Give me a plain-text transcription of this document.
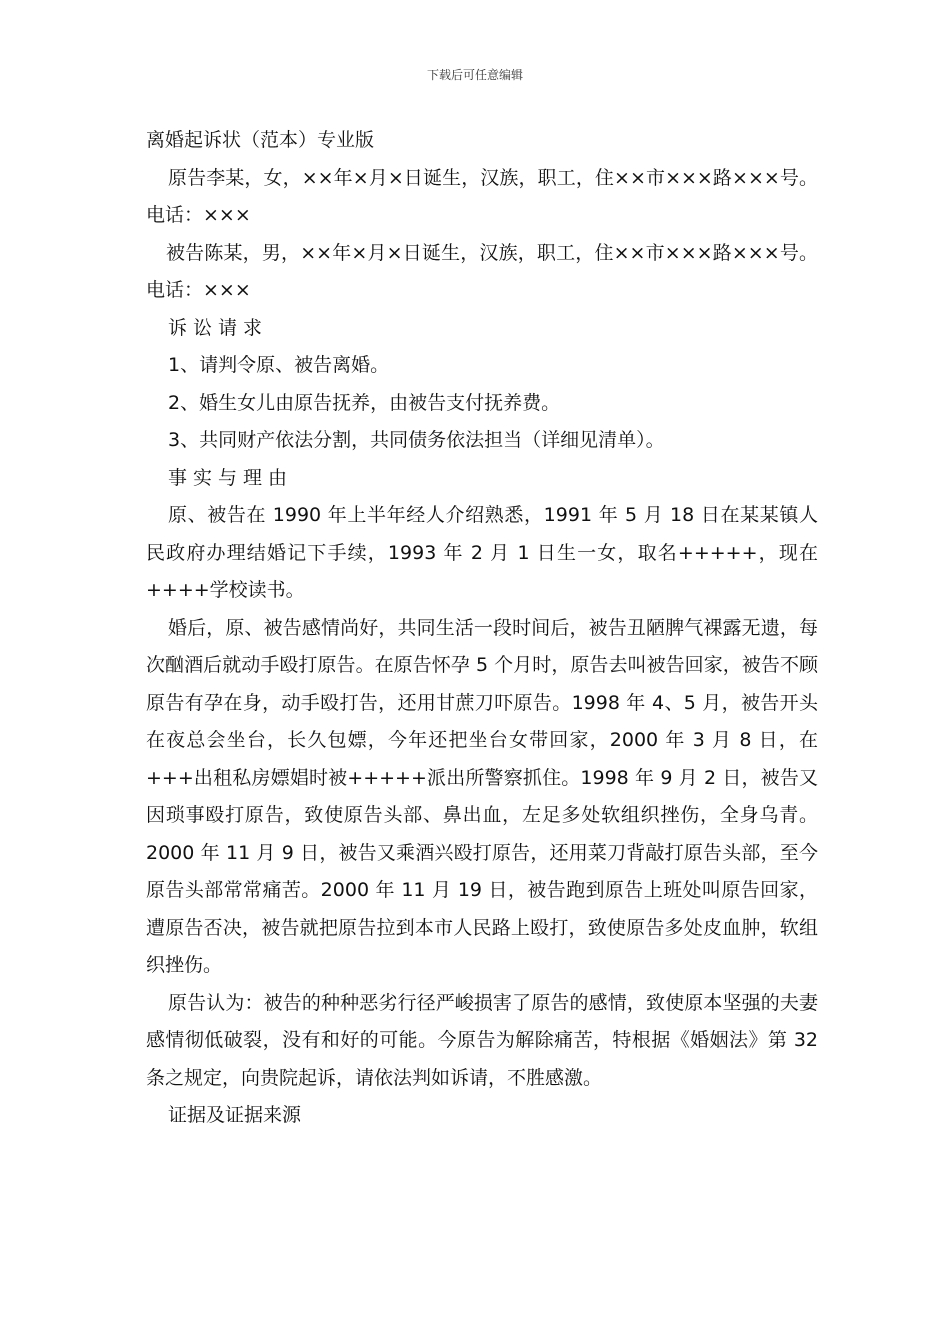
下载后可任意编辑

离婚起诉状（范本）专业版

原告李某，女，××年×月×日诞生，汉族，职工，住××市×××路×××号。 电话：×××

被告陈某，男，××年×月×日诞生，汉族，职工，住××市×××路×××号。 电话：×××

诉讼请求

1、请判令原、被告离婚。

2、婚生女儿由原告抚养，由被告支付抚养费。

3、共同财产依法分割，共同债务依法担当（详细见清单）。

事实与理由

原、被告在 1990 年上半年经人介绍熟悉，1991 年 5 月 18 日在某某镇人民政府办理结婚记下手续，1993 年 2 月 1 日生一女，取名+++++，现在++++学校读书。

婚后，原、被告感情尚好，共同生活一段时间后，被告丑陋脾气裸露无遗，每次酗酒后就动手殴打原告。在原告怀孕 5 个月时，原告去叫被告回家，被告不顾原告有孕在身，动手殴打告，还用甘蔗刀吓原告。1998 年 4、5 月，被告开头在夜总会坐台，长久包嫖，今年还把坐台女带回家，2000 年 3 月 8 日，在+++出租私房嫖娼时被+++++派出所警察抓住。1998 年 9 月 2 日，被告又因琐事殴打原告，致使原告头部、鼻出血，左足多处软组织挫伤，全身乌青。2000 年 11 月 9 日，被告又乘酒兴殴打原告，还用菜刀背敲打原告头部，至今原告头部常常痛苦。2000 年 11 月 19 日，被告跑到原告上班处叫原告回家，遭原告否决，被告就把原告拉到本市人民路上殴打，致使原告多处皮血肿，软组织挫伤。

原告认为：被告的种种恶劣行径严峻损害了原告的感情，致使原本坚强的夫妻感情彻低破裂，没有和好的可能。今原告为解除痛苦，特根据《婚姻法》第 32 条之规定，向贵院起诉，请依法判如诉请，不胜感激。

证据及证据来源
